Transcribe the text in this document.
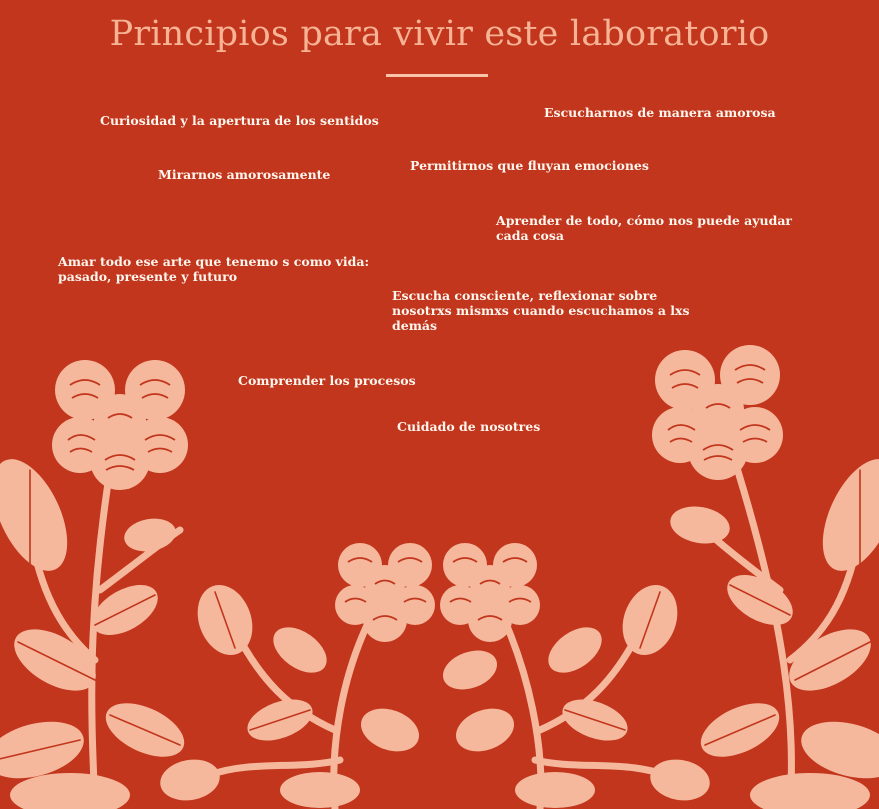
Principios para vivir este laboratorio
Curiosidad y la apertura de los sentidos
Escucharnos de manera amorosa
Mirarnos amorosamente
Permitirnos que fluyan emociones
Aprender de todo, cómo nos puede ayudar
cada cosa
Amar todo ese arte que tenemo s como vida:
pasado, presente y futuro
Escucha consciente, reflexionar sobre
nosotrxs mismxs cuando escuchamos a lxs
demás
Comprender los procesos
Cuidado de nosotres
